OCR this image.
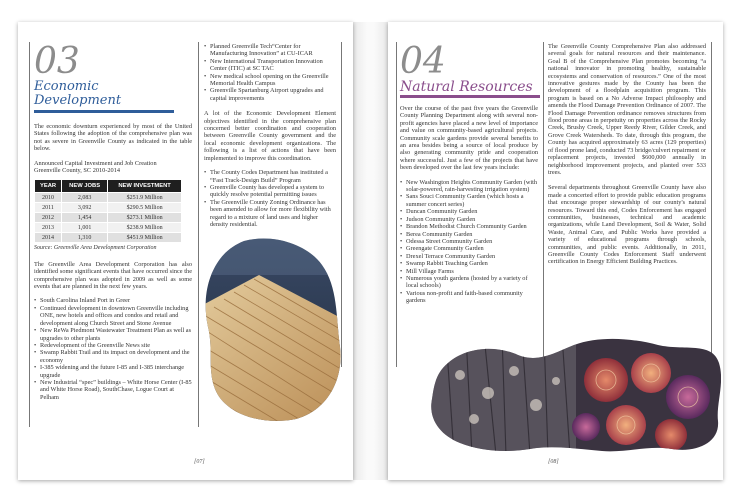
03
Economic
Development

The economic downturn experienced by most of the United States following the adoption of the comprehensive plan was not as severe in Greenville County as indicated in the table below.

Announced Capital Investment and Job Creation
Greenville County, SC 2010-2014

YEAR	NEW JOBS	NEW INVESTMENT
2010	2,083	$251.9 Million
2011	3,092	$290.5 Million
2012	1,454	$273.1 Million
2013	1,001	$238.9 Million
2014	1,310	$451.9 Million

Source: Greenville Area Development Corporation

The Greenville Area Development Corporation has also identified some significant events that have occurred since the comprehensive plan was adopted in 2009 as well as some events that are planned in the next few years.

• South Carolina Inland Port in Greer
• Continued development in downtown Greenville including ONE, new hotels and offices and condos and retail and development along Church Street and Stone Avenue
• New ReWa Piedmont Wastewater Treatment Plan as well as upgrades to other plants
• Redevelopment of the Greenville News site
• Swamp Rabbit Trail and its impact on development and the economy
• I-385 widening and the future I-85 and I-385 interchange upgrade
• New Industrial “spec” buildings – White Horse Center (I-85 and White Horse Road), SouthChase, Logue Court at Pelham
• Planned Greenville Tech“Center for Manufacturing Innovation” at CU-ICAR
• New International Transportation Innovation Center (ITIC) at SC TAC
• New medical school opening on the Greenville Memorial Health Campus
• Greenville Spartanburg Airport upgrades and capital improvements

A lot of the Economic Development Element objectives identified in the comprehensive plan concerned better coordination and cooperation between Greenville County government and the local economic development organizations. The following is a list of actions that have been implemented to improve this coordination.

• The County Codes Department has instituted a “Fast Track-Design Build” Program
• Greenville County has developed a system to quickly resolve potential permitting issues
• The Greenville County Zoning Ordinance has been amended to allow for more flexibility with regard to a mixture of land uses and higher density residential.
[07]
04
Natural Resources

Over the course of the past five years the Greenville County Planning Department along with several non-profit agencies have placed a new level of importance and value on community-based agricultural projects. Community scale gardens provide several benefits to an area besides being a source of local produce by also generating community pride and cooperation where successful. Just a few of the projects that have been developed over the last few years include:

• New Washington Heights Community Garden (with solar-powered, rain-harvesting irrigation system)
• Sans Souci Community Garden (which hosts a summer concert series)
• Duncan Community Garden
• Judson Community Garden
• Brandon Methodist Church Community Garden
• Berea Community Garden
• Odessa Street Community Garden
• Greengate Community Garden
• Drexel Terrace Community Garden
• Swamp Rabbit Teaching Garden
• Mill Village Farms
• Numerous youth gardens (hosted by a variety of local schools)
• Various non-profit and faith-based community gardens

The Greenville County Comprehensive Plan also addressed several goals for natural resources and their maintenance. Goal B of the Comprehensive Plan promotes becoming “a national innovator in promoting healthy, sustainable ecosystems and conservation of resources.” One of the most innovative gestures made by the County has been the development of a floodplain acquisition program. This program is based on a No Adverse Impact philosophy and amends the Flood Damage Prevention Ordinance of 2007. The Flood Damage Prevention ordinance removes structures from flood prone areas in perpetuity on properties across the Rocky Creek, Brushy Creek, Upper Reedy River, Gilder Creek, and Grove Creek Watersheds. To date, through this program, the County has acquired approximately 63 acres (129 properties) of flood prone land, conducted 73 bridge/culvert repairment or replacement projects, invested $600,000 annually in neighborhood improvement projects, and planted over 533 trees.

Several departments throughout Greenville County have also made a concerted effort to provide public education programs that encourage proper stewardship of our county's natural resources. Toward this end, Codes Enforcement has engaged communities, businesses, technical and academic organizations, while Land Development, Soil & Water, Solid Waste, Animal Care, and Public Works have provided a variety of educational programs through schools, communities, and public events. Additionally, in 2011, Greenville County Codes Enforcement Staff underwent certification in Energy Efficient Building Practices.

[08]
